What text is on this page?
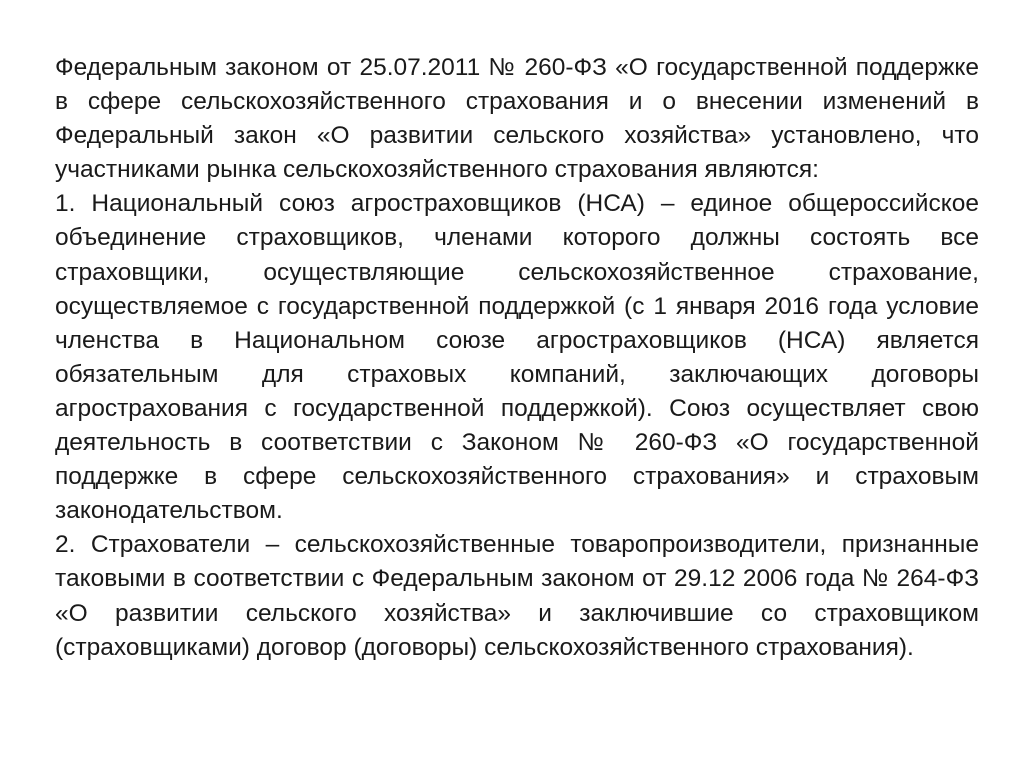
Федеральным законом от 25.07.2011 № 260-ФЗ «О государственной поддержке в сфере сельскохозяйственного страхования и о внесении изменений в Федеральный закон «О развитии сельского хозяйства» установлено, что участниками рынка сельскохозяйственного страхования являются:

1. Национальный союз агростраховщиков (НСА) – единое общероссийское объединение страховщиков, членами которого должны состоять все страховщики, осуществляющие сельскохозяйственное страхование, осуществляемое с государственной поддержкой (с 1 января 2016 года условие членства в Национальном союзе агростраховщиков (НСА) является обязательным для страховых компаний, заключающих договоры агрострахования с государственной поддержкой). Союз осуществляет свою деятельность в соответствии с Законом № 260-ФЗ «О государственной поддержке в сфере сельскохозяйственного страхования» и страховым законодательством.

2. Страхователи – сельскохозяйственные товаропроизводители, признанные таковыми в соответствии с Федеральным законом от 29.12 2006 года № 264-ФЗ «О развитии сельского хозяйства» и заключившие со страховщиком (страховщиками) договор (договоры) сельскохозяйственного страхования).
